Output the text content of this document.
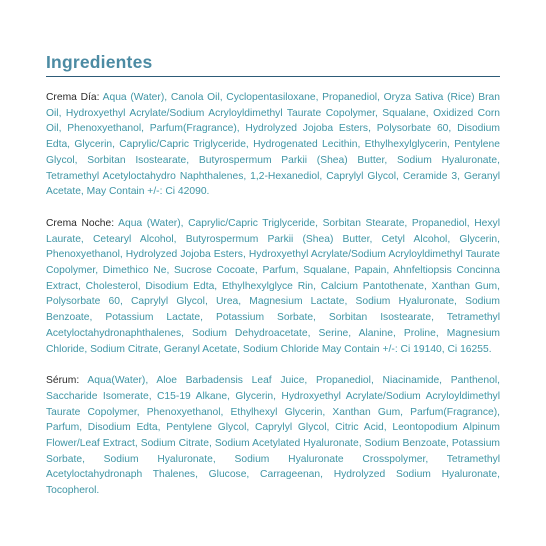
Ingredientes

Crema Día: Aqua (Water), Canola Oil, Cyclopentasiloxane, Propanediol, Oryza Sativa (Rice) Bran Oil, Hydroxyethyl Acrylate/Sodium Acryloyldimethyl Taurate Copolymer, Squalane, Oxidized Corn Oil, Phenoxyethanol, Parfum(Fragrance), Hydrolyzed Jojoba Esters, Polysorbate 60, Disodium Edta, Glycerin, Caprylic/Capric Triglyceride, Hydrogenated Lecithin, Ethylhexylglycerin, Pentylene Glycol, Sorbitan Isostearate, Butyrospermum Parkii (Shea) Butter, Sodium Hyaluronate, Tetramethyl Acetyloctahydro Naphthalenes, 1,2-Hexanediol, Caprylyl Glycol, Ceramide 3, Geranyl Acetate, May Contain +/-: Ci 42090.

Crema Noche: Aqua (Water), Caprylic/Capric Triglyceride, Sorbitan Stearate, Propanediol, Hexyl Laurate, Cetearyl Alcohol, Butyrospermum Parkii (Shea) Butter, Cetyl Alcohol, Glycerin, Phenoxyethanol, Hydrolyzed Jojoba Esters, Hydroxyethyl Acrylate/Sodium Acryloyldimethyl Taurate Copolymer, Dimethico Ne, Sucrose Cocoate, Parfum, Squalane, Papain, Ahnfeltiopsis Concinna Extract, Cholesterol, Disodium Edta, Ethylhexylglyce Rin, Calcium Pantothenate, Xanthan Gum, Polysorbate 60, Caprylyl Glycol, Urea, Magnesium Lactate, Sodium Hyaluronate, Sodium Benzoate, Potassium Lactate, Potassium Sorbate, Sorbitan Isostearate, Tetramethyl Acetyloctahydronaphthalenes, Sodium Dehydroacetate, Serine, Alanine, Proline, Magnesium Chloride, Sodium Citrate, Geranyl Acetate, Sodium Chloride May Contain +/-: Ci 19140, Ci 16255.

Sérum: Aqua(Water), Aloe Barbadensis Leaf Juice, Propanediol, Niacinamide, Panthenol, Saccharide Isomerate, C15-19 Alkane, Glycerin, Hydroxyethyl Acrylate/Sodium Acryloyldimethyl Taurate Copolymer, Phenoxyethanol, Ethylhexyl Glycerin, Xanthan Gum, Parfum(Fragrance), Parfum, Disodium Edta, Pentylene Glycol, Caprylyl Glycol, Citric Acid, Leontopodium Alpinum Flower/Leaf Extract, Sodium Citrate, Sodium Acetylated Hyaluronate, Sodium Benzoate, Potassium Sorbate, Sodium Hyaluronate, Sodium Hyaluronate Crosspolymer, Tetramethyl Acetyloctahydronaph Thalenes, Glucose, Carrageenan, Hydrolyzed Sodium Hyaluronate, Tocopherol.
